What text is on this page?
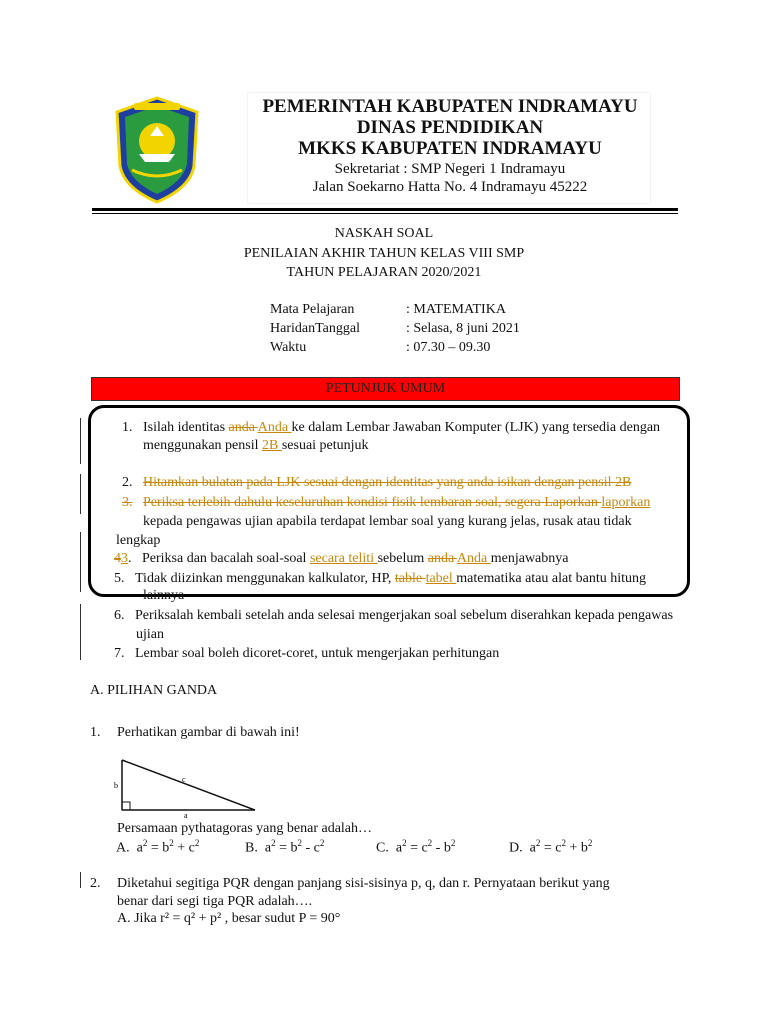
PEMERINTAH KABUPATEN INDRAMAYU
DINAS PENDIDIKAN
MKKS KABUPATEN INDRAMAYU
Sekretariat : SMP Negeri 1 Indramayu
Jalan Soekarno Hatta No. 4 Indramayu 45222
NASKAH SOAL
PENILAIAN AKHIR TAHUN KELAS VIII SMP
TAHUN PELAJARAN 2020/2021
Mata Pelajaran	: MATEMATIKA
HaridanTanggal	: Selasa, 8 juni 2021
Waktu	: 07.30 – 09.30
PETUNJUK UMUM
1. Isilah identitas anda Anda ke dalam Lembar Jawaban Komputer (LJK) yang tersedia dengan
menggunakan pensil 2B sesuai petunjuk
2. Hitamkan bulatan pada LJK sesuai dengan identitas yang anda isikan dengan pensil 2B
3. Periksa terlebih dahulu keseluruhan kondisi fisik lembaran soal, segera Laporkan laporkan
kepada pengawas ujian apabila terdapat lembar soal yang kurang jelas, rusak atau tidak
lengkap
43. Periksa dan bacalah soal-soal secara teliti sebelum anda Anda menjawabnya
5. Tidak diizinkan menggunakan kalkulator, HP, table tabel matematika atau alat bantu hitung
lainnya
6. Periksalah kembali setelah anda selesai mengerjakan soal sebelum diserahkan kepada pengawas
ujian
7. Lembar soal boleh dicoret-coret, untuk mengerjakan perhitungan
A. PILIHAN GANDA
1. Perhatikan gambar di bawah ini!
b
c
a
Persamaan pythatagoras yang benar adalah…
A. $a^2 = b^2 + c^2$	B. $a^2 = b^2 - c^2$	C. $a^2 = c^2 - b^2$	D. $a^2 = c^2 + b^2$
2. Diketahui segitiga PQR dengan panjang sisi-sisinya p, q, dan r. Pernyataan berikut yang
benar dari segi tiga PQR adalah….
A. Jika r² = q² + p² , besar sudut P = 90°
